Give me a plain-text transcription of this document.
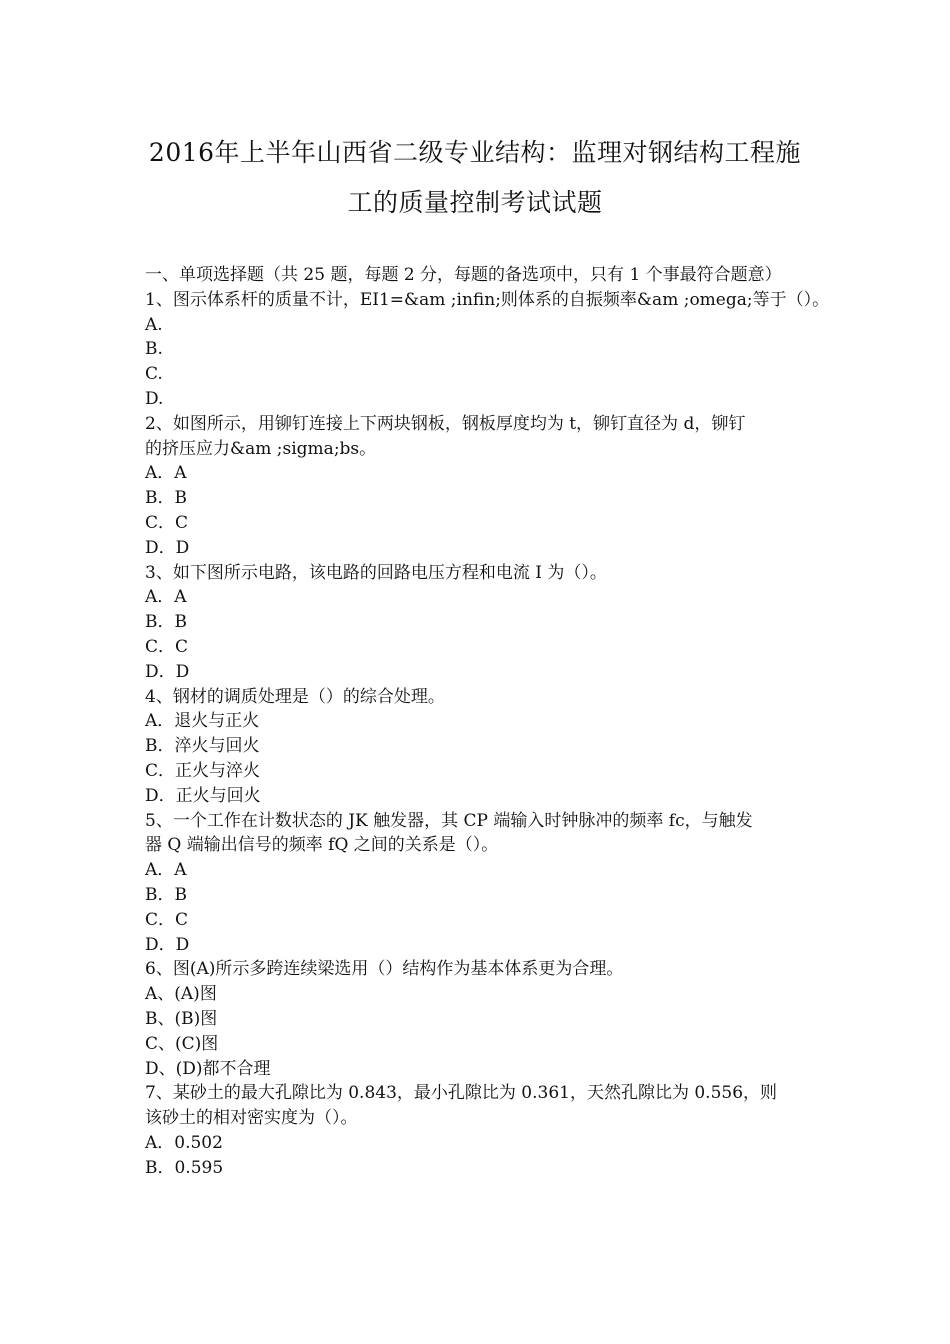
2016年上半年山西省二级专业结构：监理对钢结构工程施
工的质量控制考试试题
一、单项选择题（共 25 题，每题 2 分，每题的备选项中，只有 1 个事最符合题意）
1、图示体系杆的质量不计，EI1=&am ;infin;则体系的自振频率&am ;omega;等于（）。
A.
B.
C.
D.
2、如图所示，用铆钉连接上下两块钢板，钢板厚度均为 t，铆钉直径为 d，铆钉
的挤压应力&am ;sigma;bs。
A．A
B．B
C．C
D．D
3、如下图所示电路，该电路的回路电压方程和电流 I 为（）。
A．A
B．B
C．C
D．D
4、钢材的调质处理是（）的综合处理。
A．退火与正火
B．淬火与回火
C．正火与淬火
D．正火与回火
5、一个工作在计数状态的 JK 触发器，其 CP 端输入时钟脉冲的频率 fc，与触发
器 Q 端输出信号的频率 fQ 之间的关系是（）。
A．A
B．B
C．C
D．D
6、图(A)所示多跨连续梁选用（）结构作为基本体系更为合理。
A、(A)图
B、(B)图
C、(C)图
D、(D)都不合理
7、某砂土的最大孔隙比为 0.843，最小孔隙比为 0.361，天然孔隙比为 0.556，则
该砂土的相对密实度为（）。
A．0.502
B．0.595
